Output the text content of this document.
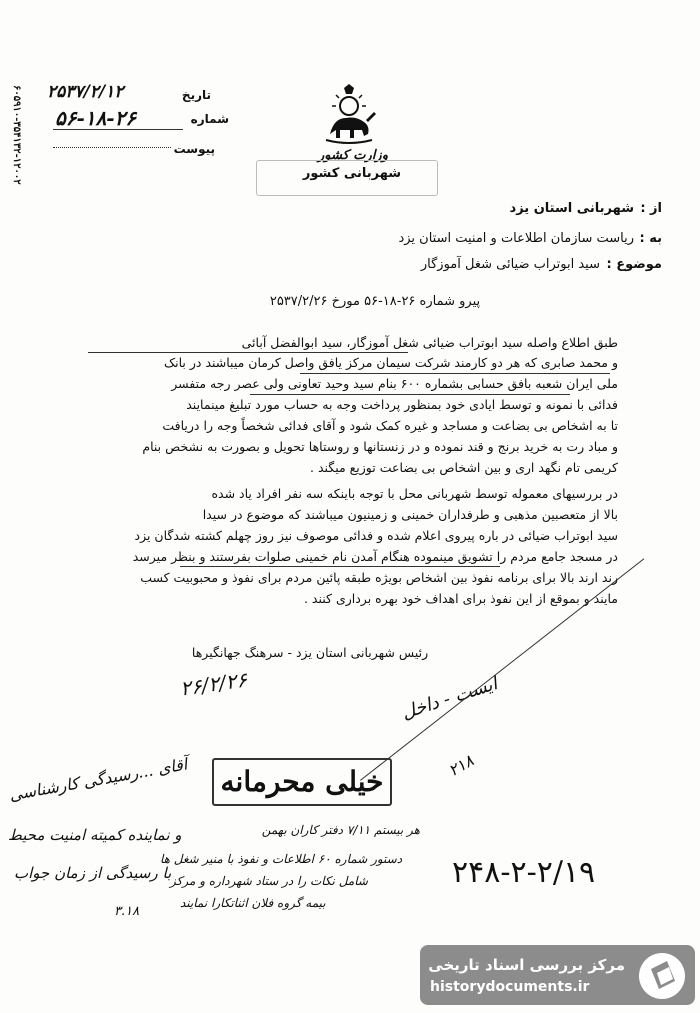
۶۰۵۹۱۰-۳۵۴۱۳۲-۱۲۰۰۲ ۲۵۳۷/۲/۱۲	تاریخ
۵۶-۱۸-۲۶	شماره
پیوست	وزارت کشور
شهربانی کشور
از :
شهربانی استان یزد
به :
ریاست سازمان اطلاعات و امنیت استان یزد
موضوع :
سید ابوتراب ضیائی شغل آموزگار
پیرو شماره ۲۶-۱۸-۵۶ مورخ ۲۵۳۷/۲/۲۶
طبق اطلاع واصله سید ابوتراب ضیائی شغل آموزگار، سید ابوالفضل آبائی
و محمد صابری که هر دو کارمند شرکت سیمان مرکز یافق واصل کرمان میباشند در بانک
ملی ایران شعبه بافق حسابی بشماره ۶۰۰ بنام سید وحید تعاونی ولی عصر رجه متفسر
فدائی با نمونه و توسط ایادی خود بمنظور پرداخت وجه به حساب مورد تبلیغ مینمایند
تا به اشخاص بی بضاعت و مساجد و غیره کمک شود و آقای فدائی شخصاً وجه را دریافت
و مباد رت به خرید برنج و قند نموده و در زنستانها و روستاها تحویل و بصورت به نشخص بنام
کریمی تام نگهد اری و بین اشخاص بی بضاعت توزیع میگند .
در بررسیهای معموله توسط شهربانی محل با توجه باینکه سه نفر افراد یاد شده
بالا از متعصبین مذهبی و طرفداران خمینی و زمینیون میباشند که موضوع در سیدا
سید ابوتراب ضیائی در باره پیروی اعلام شده و فدائی موصوف نیز روز چهلم کشته شدگان یزد
در مسجد جامع مردم را تشویق مینموده هنگام آمدن نام خمینی صلوات بفرستند و بنظر میرسد
رند ارند بالا برای برنامه نفوذ بین اشخاص بویژه طبقه پائین مردم برای نفوذ و محبوبیت کسب
مایند و بموقع از این نفوذ برای اهداف خود بهره برداری کنند .
رئیس شهربانی استان یزد - سرهنگ جهانگیرها
۲۶/۲/۲۶	ایست - داخل
۲۱۸
خیلی محرمانه
هر بیستم ۷/۱۱ دفتر کاران بهمن
دستور شماره ۶۰ اطلاعات و نفوذ با منیر شغل ها
شامل نکات را در ستاد شهرداره و مرکز
بیمه گروه فلان اثناتکارا نمایند
آقای ...رسیدگی کارشناسی
و نماینده کمیته امنیت محیط
با رسیدگی از زمان جواب
۳.۱۸
۲۴۸-۲-۲/۱۹
مرکز بررسی اسناد تاریخی
historydocuments.ir
